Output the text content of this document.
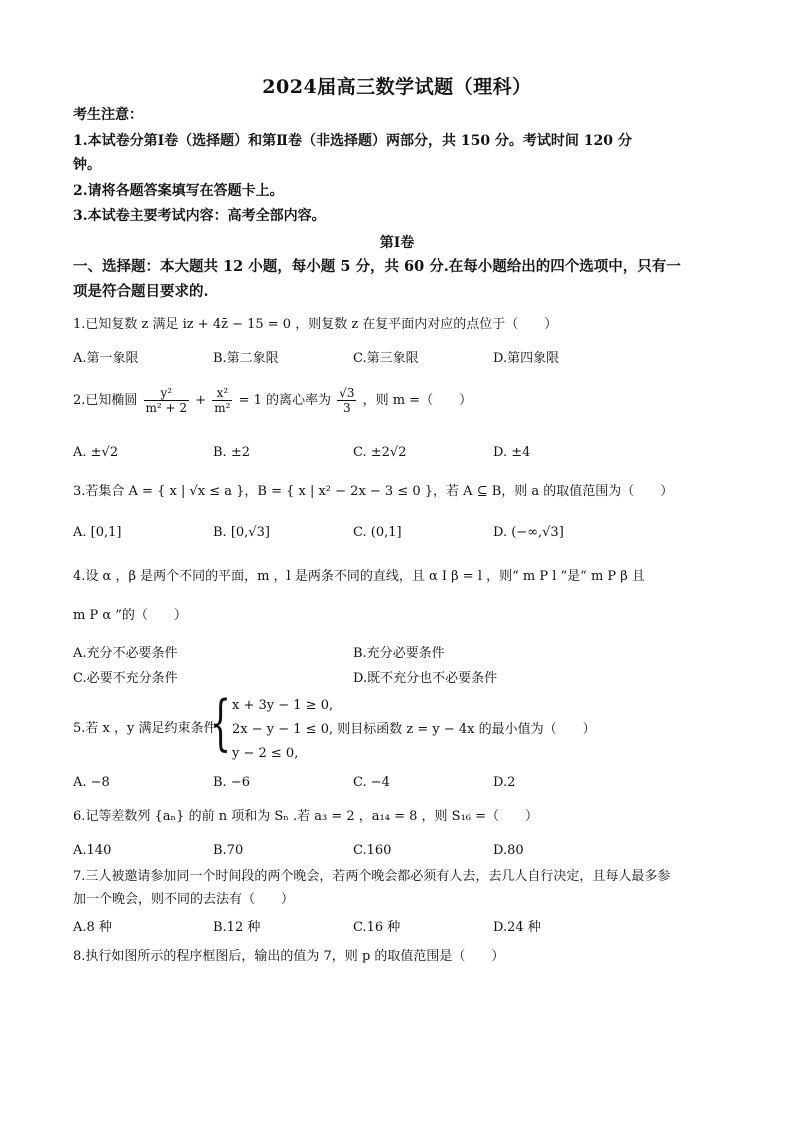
2024届高三数学试题（理科）
考生注意：
1.本试卷分第Ⅰ卷（选择题）和第Ⅱ卷（非选择题）两部分，共 150 分。考试时间 120 分
钟。
2.请将各题答案填写在答题卡上。
3.本试卷主要考试内容：高考全部内容。
第Ⅰ卷
一、选择题：本大题共 12 小题，每小题 5 分，共 60 分.在每小题给出的四个选项中，只有一
项是符合题目要求的.
1.已知复数 z 满足 iz + 4z̄ − 15 = 0 ，则复数 z 在复平面内对应的点位于（　　）
A.第一象限	B.第二象限	C.第三象限	D.第四象限
2.已知椭圆 $\frac{\text{y²}}{\text{m² + 2}} + \frac{\text{x²}}{\text{m²}} = 1$ 的离心率为 $\frac{√3}{3}$ ，则 m =（　　）
A. ±√2	B. ±2	C. ±2√2	D. ±4
3.若集合 A = { x | √x ≤ a }，B = { x | x² − 2x − 3 ≤ 0 }，若 A ⊆ B，则 a 的取值范围为（　　）
A. [0,1]	B. [0,√3]	C. (0,1]	D. (−∞,√3]
4.设 α ，β 是两个不同的平面，m ，l 是两条不同的直线，且 α I β = l ，则“ m P l ”是“ m P β 且
m P α ”的（　　）
A.充分不必要条件	B.充分必要条件
C.必要不充分条件	D.既不充分也不必要条件
5.若 x ，y 满足约束条件
{ x + 3y − 1 ≥ 0,
2x − y − 1 ≤ 0, 则目标函数 z = y − 4x 的最小值为（　　）
y − 2 ≤ 0,
A. −8	B. −6	C. −4	D.2
6.记等差数列 {aₙ} 的前 n 项和为 Sₙ .若 a₃ = 2 ，a₁₄ = 8 ，则 S₁₆ =（　　）
A.140	B.70	C.160	D.80
7.三人被邀请参加同一个时间段的两个晚会，若两个晚会都必须有人去，去几人自行决定，且每人最多参
加一个晚会，则不同的去法有（　　）
A.8 种	B.12 种	C.16 种	D.24 种
8.执行如图所示的程序框图后，输出的值为 7，则 p 的取值范围是（　　）
